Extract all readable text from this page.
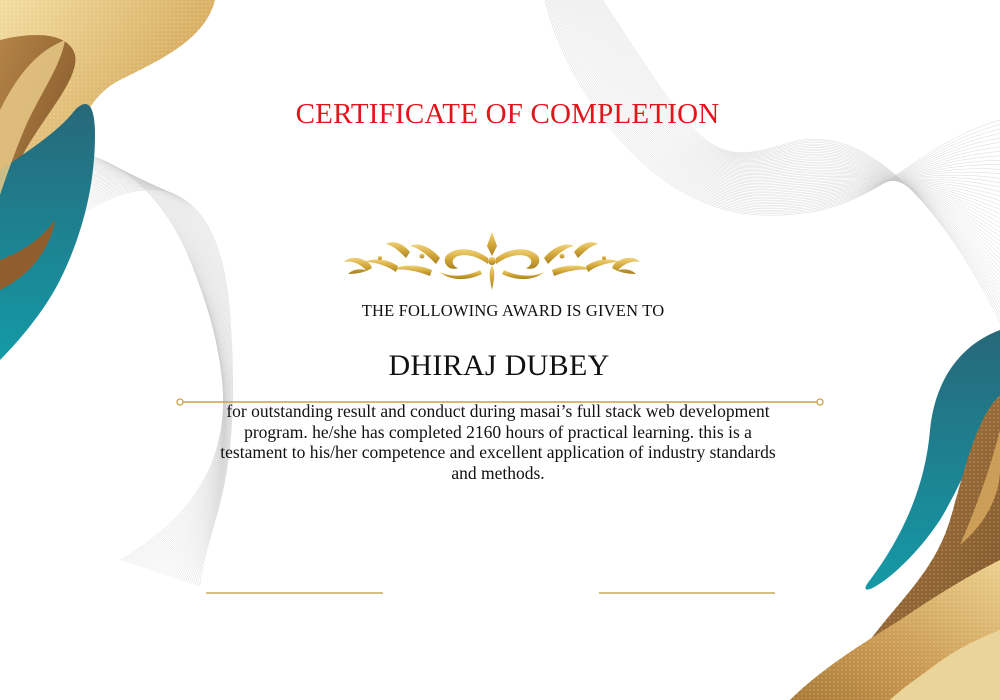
CERTIFICATE OF COMPLETION
THE FOLLOWING AWARD IS GIVEN TO
DHIRAJ DUBEY
for outstanding result and conduct during masai’s full stack web development program. he/she has completed 2160 hours of practical learning. this is a testament to his/her competence and excellent application of industry standards and methods.
